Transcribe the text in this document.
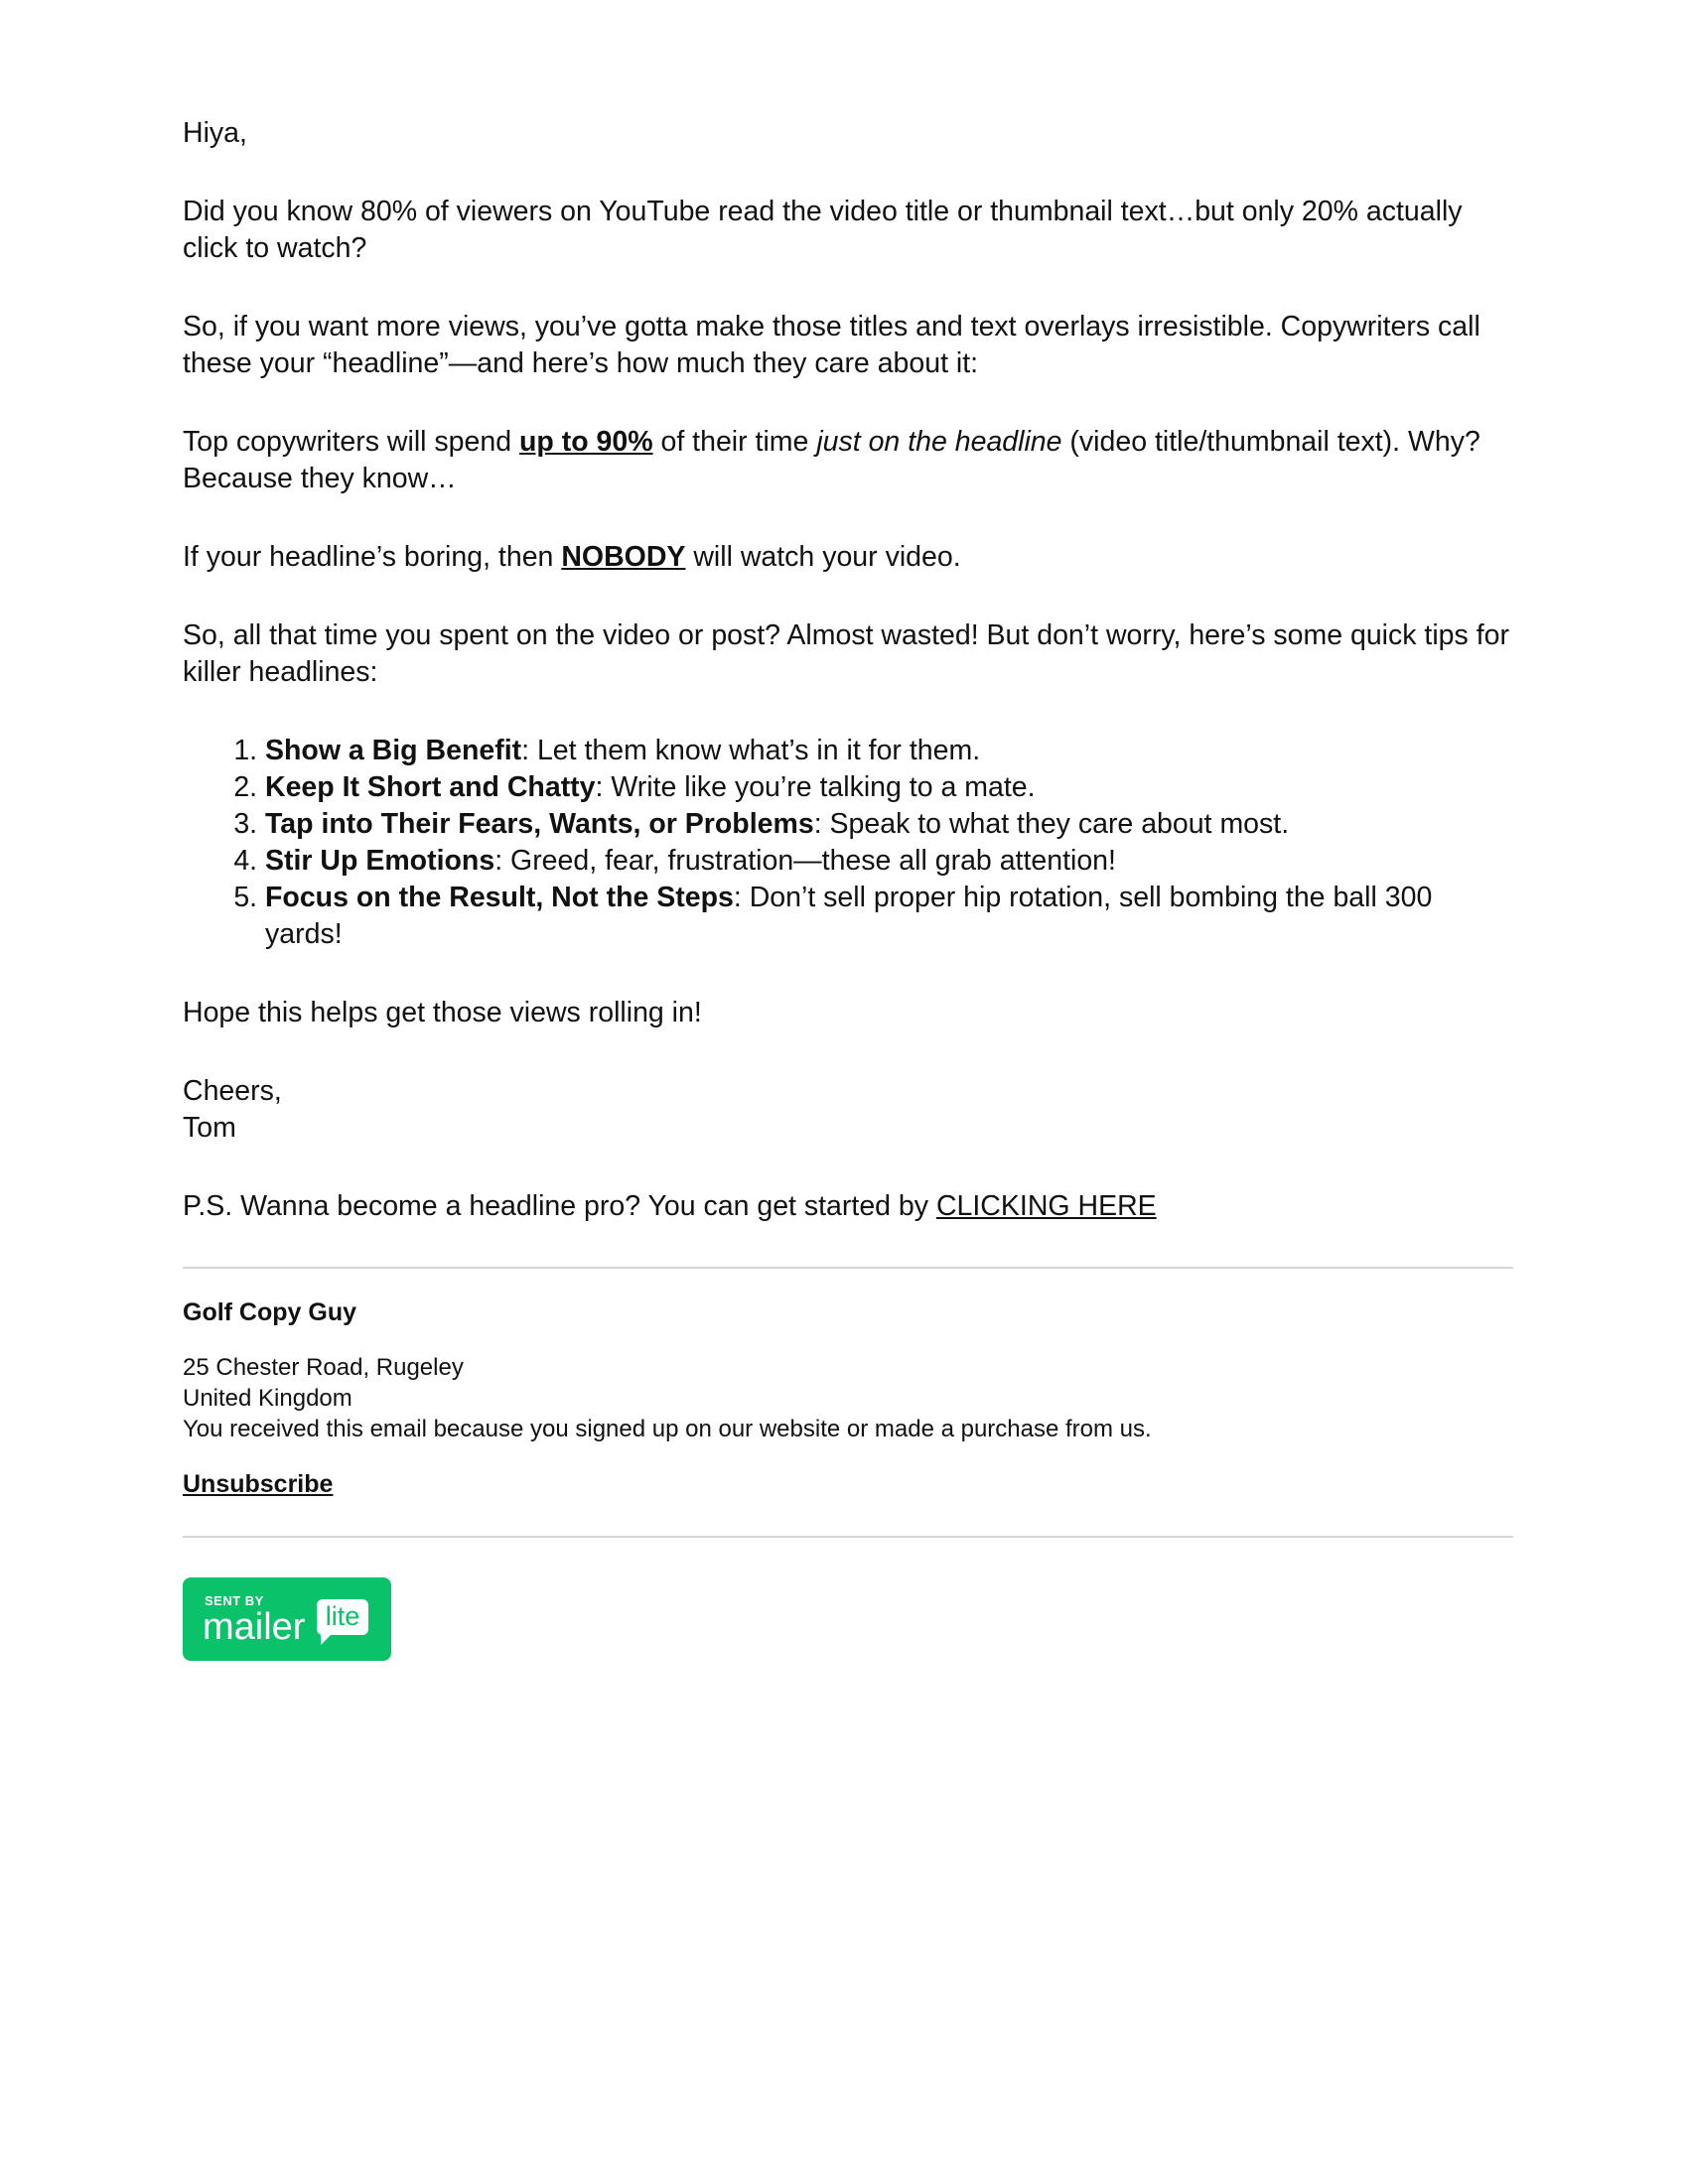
Hiya,

Did you know 80% of viewers on YouTube read the video title or thumbnail text…but only 20% actually click to watch?

So, if you want more views, you’ve gotta make those titles and text overlays irresistible. Copywriters call these your “headline”—and here’s how much they care about it:

Top copywriters will spend up to 90% of their time just on the headline (video title/thumbnail text). Why? Because they know…

If your headline’s boring, then NOBODY will watch your video.

So, all that time you spent on the video or post? Almost wasted! But don’t worry, here’s some quick tips for killer headlines:

1. Show a Big Benefit: Let them know what’s in it for them.
2. Keep It Short and Chatty: Write like you’re talking to a mate.
3. Tap into Their Fears, Wants, or Problems: Speak to what they care about most.
4. Stir Up Emotions: Greed, fear, frustration—these all grab attention!
5. Focus on the Result, Not the Steps: Don’t sell proper hip rotation, sell bombing the ball 300 yards!

Hope this helps get those views rolling in!

Cheers,
Tom

P.S. Wanna become a headline pro? You can get started by CLICKING HERE

Golf Copy Guy

25 Chester Road, Rugeley
United Kingdom
You received this email because you signed up on our website or made a purchase from us.

Unsubscribe
SENT BY
mailer lite
